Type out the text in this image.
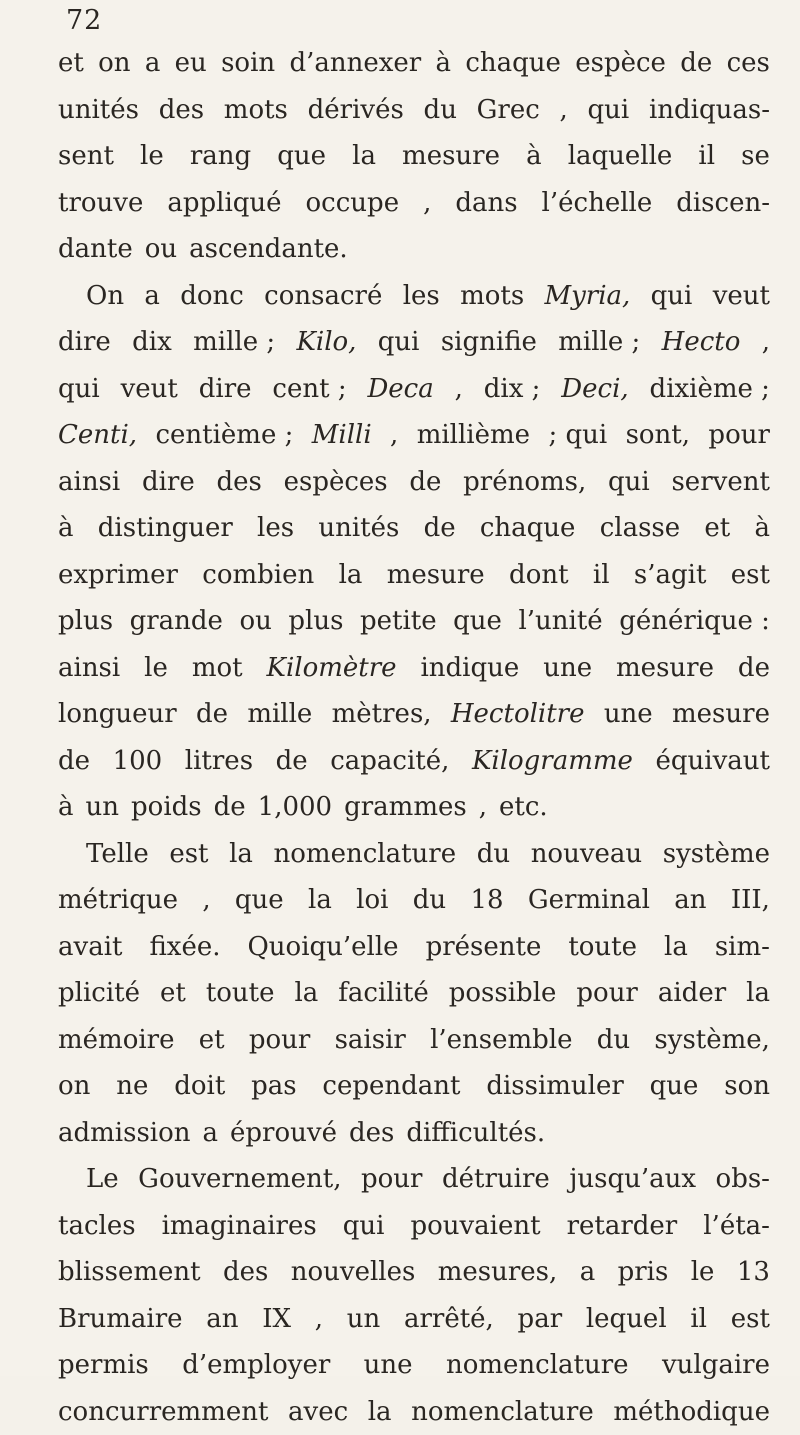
72
et on a eu soin d’annexer à chaque espèce de ces
unités des mots dérivés du Grec , qui indiquas-
sent le rang que la mesure à laquelle il se
trouve appliqué occupe , dans l’échelle discen-
dante ou ascendante.
On a donc consacré les mots Myria, qui veut
dire dix mille ; Kilo, qui signifie mille ; Hecto ,
qui veut dire cent ; Deca , dix ; Deci, dixième ;
Centi, centième ; Milli , millième ; qui sont, pour
ainsi dire des espèces de prénoms, qui servent
à distinguer les unités de chaque classe et à
exprimer combien la mesure dont il s’agit est
plus grande ou plus petite que l’unité générique :
ainsi le mot Kilomètre indique une mesure de
longueur de mille mètres, Hectolitre une mesure
de 100 litres de capacité, Kilogramme équivaut
à un poids de 1,000 grammes , etc.
Telle est la nomenclature du nouveau système
métrique , que la loi du 18 Germinal an III,
avait fixée. Quoiqu’elle présente toute la sim-
plicité et toute la facilité possible pour aider la
mémoire et pour saisir l’ensemble du système,
on ne doit pas cependant dissimuler que son
admission a éprouvé des difficultés.
Le Gouvernement, pour détruire jusqu’aux obs-
tacles imaginaires qui pouvaient retarder l’éta-
blissement des nouvelles mesures, a pris le 13
Brumaire an IX , un arrêté, par lequel il est
permis d’employer une nomenclature vulgaire
concurremment avec la nomenclature méthodique
